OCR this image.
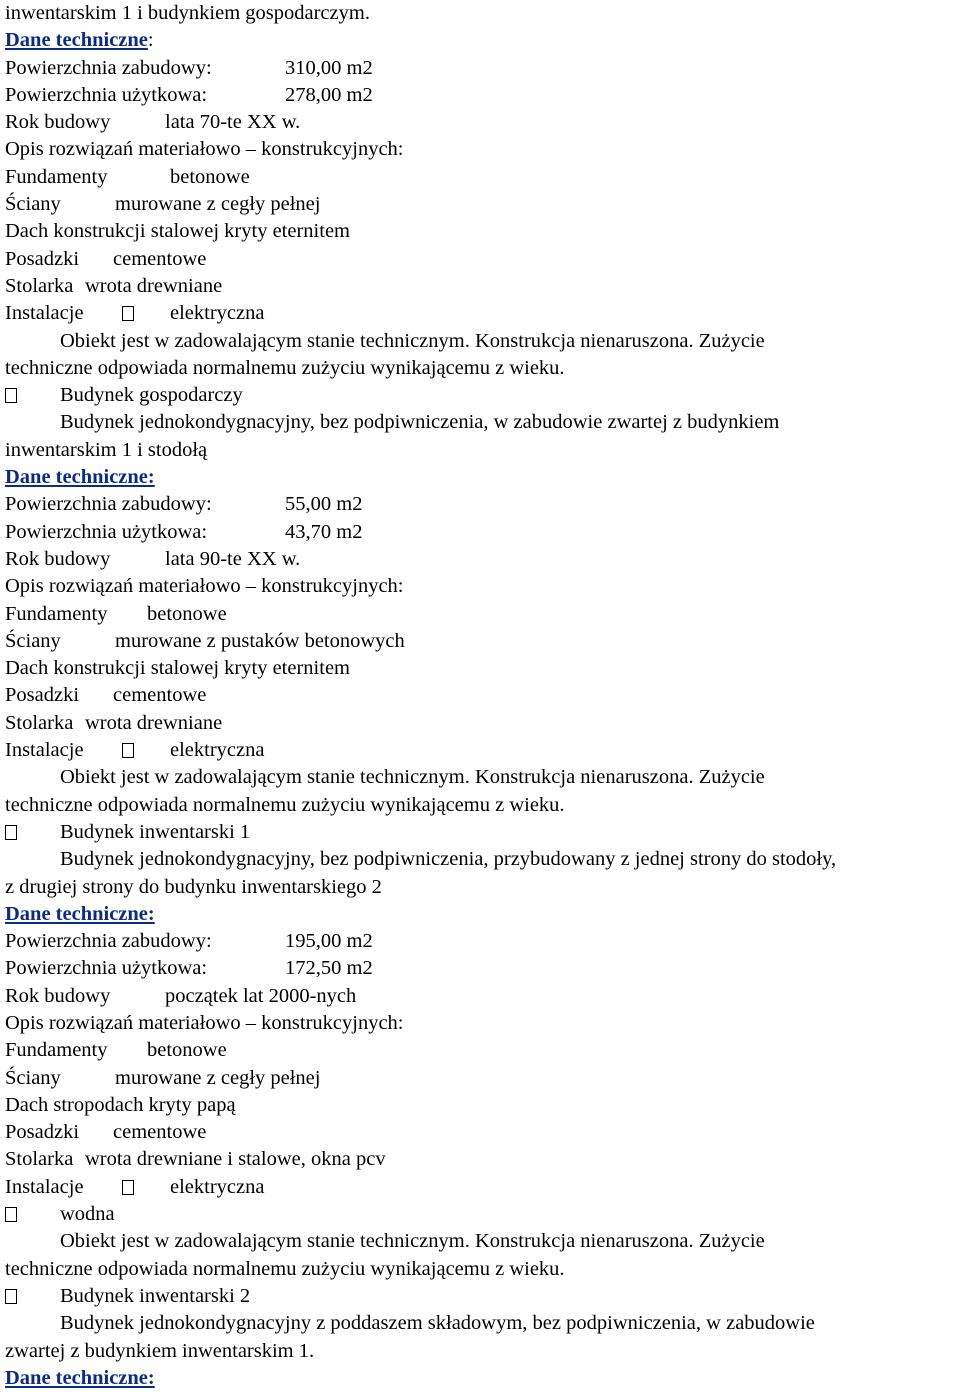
inwentarskim 1 i budynkiem gospodarczym.
Dane techniczne:
Powierzchnia zabudowy:	310,00 m2
Powierzchnia użytkowa:	278,00 m2
Rok budowy	lata 70-te XX w.
Opis rozwiązań materiałowo – konstrukcyjnych:
Fundamenty	betonowe
Ściany	murowane z cegły pełnej
Dach konstrukcji stalowej kryty eternitem
Posadzki cementowe
Stolarka wrota drewniane
Instalacje	elektryczna
Obiekt jest w zadowalającym stanie technicznym. Konstrukcja nienaruszona. Zużycie
techniczne odpowiada normalnemu zużyciu wynikającemu z wieku.
Budynek gospodarczy
Budynek jednokondygnacyjny, bez podpiwniczenia, w zabudowie zwartej z budynkiem
inwentarskim 1 i stodołą
Dane techniczne:
Powierzchnia zabudowy:	55,00 m2
Powierzchnia użytkowa:	43,70 m2
Rok budowy	lata 90-te XX w.
Opis rozwiązań materiałowo – konstrukcyjnych:
Fundamenty betonowe
Ściany	murowane z pustaków betonowych
Dach konstrukcji stalowej kryty eternitem
Posadzki cementowe
Stolarka wrota drewniane
Instalacje	elektryczna
Obiekt jest w zadowalającym stanie technicznym. Konstrukcja nienaruszona. Zużycie
techniczne odpowiada normalnemu zużyciu wynikającemu z wieku.
Budynek inwentarski 1
Budynek jednokondygnacyjny, bez podpiwniczenia, przybudowany z jednej strony do stodoły,
z drugiej strony do budynku inwentarskiego 2
Dane techniczne:
Powierzchnia zabudowy:	195,00 m2
Powierzchnia użytkowa:	172,50 m2
Rok budowy	początek lat 2000-nych
Opis rozwiązań materiałowo – konstrukcyjnych:
Fundamenty betonowe
Ściany	murowane z cegły pełnej
Dach stropodach kryty papą
Posadzki cementowe
Stolarka wrota drewniane i stalowe, okna pcv
Instalacje	elektryczna
wodna
Obiekt jest w zadowalającym stanie technicznym. Konstrukcja nienaruszona. Zużycie
techniczne odpowiada normalnemu zużyciu wynikającemu z wieku.
Budynek inwentarski 2
Budynek jednokondygnacyjny z poddaszem składowym, bez podpiwniczenia, w zabudowie
zwartej z budynkiem inwentarskim 1.
Dane techniczne:
